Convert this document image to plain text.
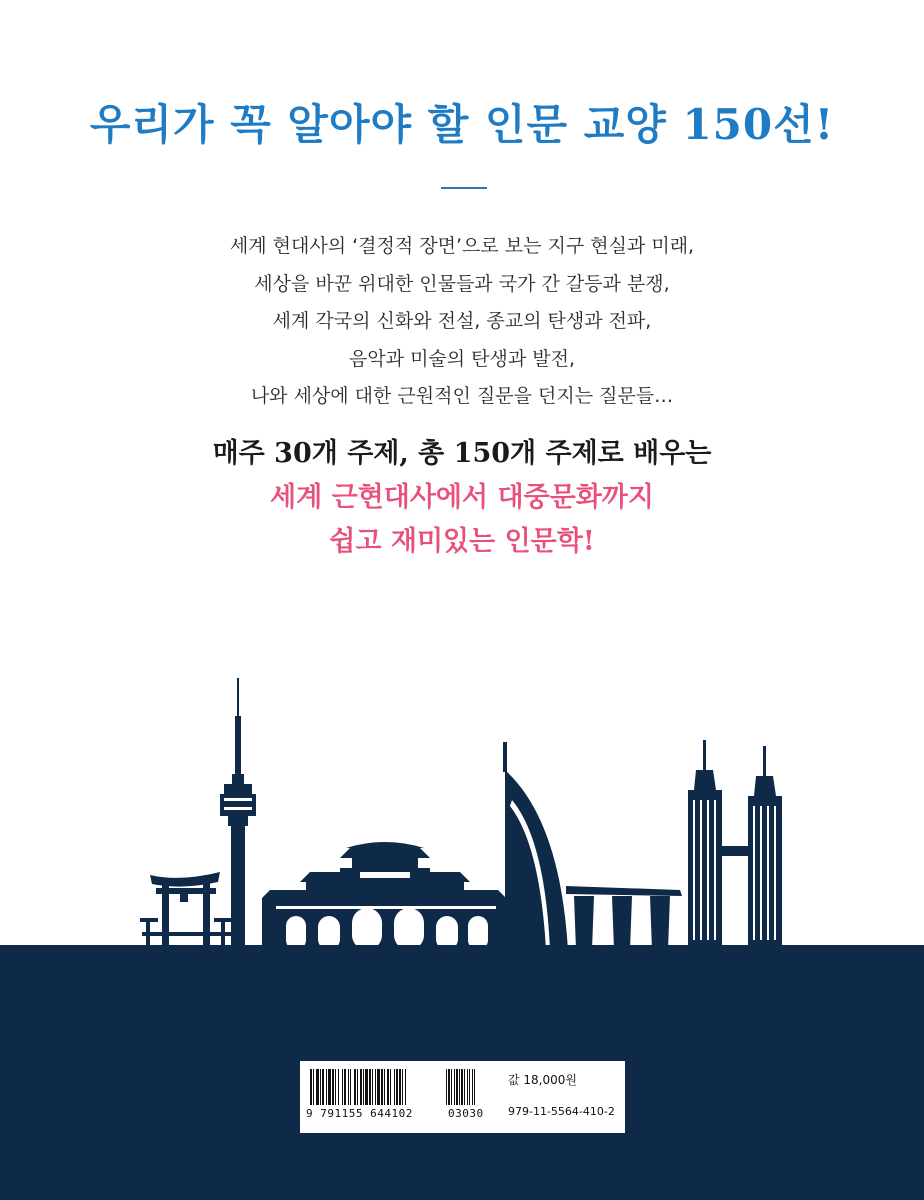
우리가 꼭 알아야 할 인문 교양 150선!
세계 현대사의 ‘결정적 장면’으로 보는 지구 현실과 미래,
세상을 바꾼 위대한 인물들과 국가 간 갈등과 분쟁,
세계 각국의 신화와 전설, 종교의 탄생과 전파,
음악과 미술의 탄생과 발전,
나와 세상에 대한 근원적인 질문을 던지는 질문들…
매주 30개 주제, 총 150개 주제로 배우는
세계 근현대사에서 대중문화까지
쉽고 재미있는 인문학!
9 791155 644102	03030
값 18,000원
979-11-5564-410-2
